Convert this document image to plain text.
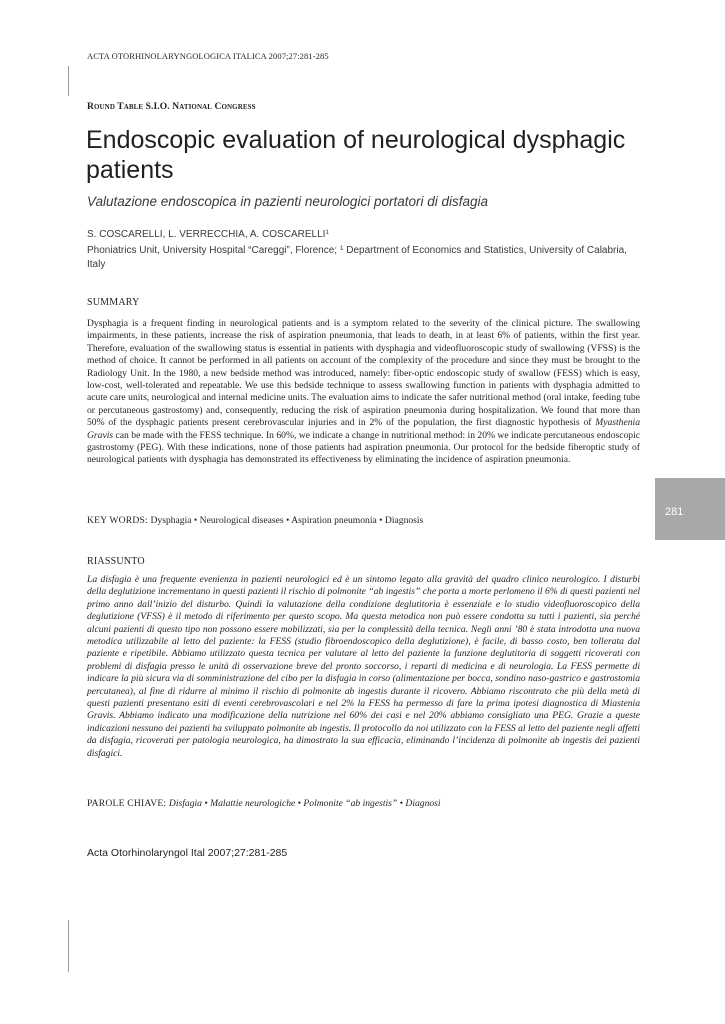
ACTA OTORHINOLARYNGOLOGICA ITALICA 2007;27:281-285
Round Table S.I.O. National Congress
Endoscopic evaluation of neurological dysphagic patients
Valutazione endoscopica in pazienti neurologici portatori di disfagia
S. COSCARELLI, L. VERRECCHIA, A. COSCARELLI$^1$
Phoniatrics Unit, University Hospital “Careggi”, Florence; $^1$ Department of Economics and Statistics, University of Calabria, Italy
SUMMARY

Dysphagia is a frequent finding in neurological patients and is a symptom related to the severity of the clinical picture. The swallowing impairments, in these patients, increase the risk of aspiration pneumonia, that leads to death, in at least 6% of patients, within the first year. Therefore, evaluation of the swallowing status is essential in patients with dysphagia and videofluoroscopic study of swallowing (VFSS) is the method of choice. It cannot be performed in all patients on account of the complexity of the procedure and since they must be brought to the Radiology Unit. In the 1980, a new bedside method was introduced, namely: fiber-optic endoscopic study of swallow (FESS) which is easy, low-cost, well-tolerated and repeatable. We use this bedside technique to assess swallowing function in patients with dysphagia admitted to acute care units, neurological and internal medicine units. The evaluation aims to indicate the safer nutritional method (oral intake, feeding tube or percutaneous gastrostomy) and, consequently, reducing the risk of aspiration pneumonia during hospitalization. We found that more than 50% of the dysphagic patients present cerebrovascular injuries and in 2% of the population, the first diagnostic hypothesis of Myasthenia Gravis can be made with the FESS technique. In 60%, we indicate a change in nutritional method: in 20% we indicate percutaneous endoscopic gastrostomy (PEG). With these indications, none of those patients had aspiration pneumonia. Our protocol for the bedside fiberoptic study of neurological patients with dysphagia has demonstrated its effectiveness by eliminating the incidence of aspiration pneumonia.

KEY WORDS: Dysphagia • Neurological diseases • Aspiration pneumonia • Diagnosis
281
RIASSUNTO

La disfagia è una frequente evenienza in pazienti neurologici ed è un sintomo legato alla gravità del quadro clinico neurologico. I disturbi della deglutizione incrementano in questi pazienti il rischio di polmonite “ab ingestis” che porta a morte perlomeno il 6% di questi pazienti nel primo anno dall’inizio del disturbo. Quindi la valutazione della condizione deglutitoria è essenziale e lo studio videofluoroscopico della deglutizione (VFSS) è il metodo di riferimento per questo scopo. Ma questa metodica non può essere condotta su tutti i pazienti, sia perché alcuni pazienti di questo tipo non possono essere mobilizzati, sia per la complessità della tecnica. Negli anni ’80 è stata introdotta una nuova metodica utilizzabile al letto del paziente: la FESS (studio fibroendoscopico della deglutizione), è facile, di basso costo, ben tollerata dal paziente e ripetibile. Abbiamo utilizzato questa tecnica per valutare al letto del paziente la funzione deglutitoria di soggetti ricoverati con problemi di disfagia presso le unità di osservazione breve del pronto soccorso, i reparti di medicina e di neurologia. La FESS permette di indicare la più sicura via di somministrazione del cibo per la disfagia in corso (alimentazione per bocca, sondino naso-gastrico e gastrostomia percutanea), al fine di ridurre al minimo il rischio di polmonite ab ingestis durante il ricovero. Abbiamo riscontrato che più della metà di questi pazienti presentano esiti di eventi cerebrovascolari e nel 2% la FESS ha permesso di fare la prima ipotesi diagnostica di Miastenia Gravis. Abbiamo indicato una modificazione della nutrizione nel 60% dei casi e nel 20% abbiamo consigliato una PEG. Grazie a queste indicazioni nessuno dei pazienti ha sviluppato polmonite ab ingestis. Il protocollo da noi utilizzato con la FESS al letto del paziente negli affetti da disfagia, ricoverati per patologia neurologica, ha dimostrato la sua efficacia, eliminando l’incidenza di polmonite ab ingestis dei pazienti disfagici.

PAROLE CHIAVE: Disfagia • Malattie neurologiche • Polmonite “ab ingestis” • Diagnosi
Acta Otorhinolaryngol Ital 2007;27:281-285
